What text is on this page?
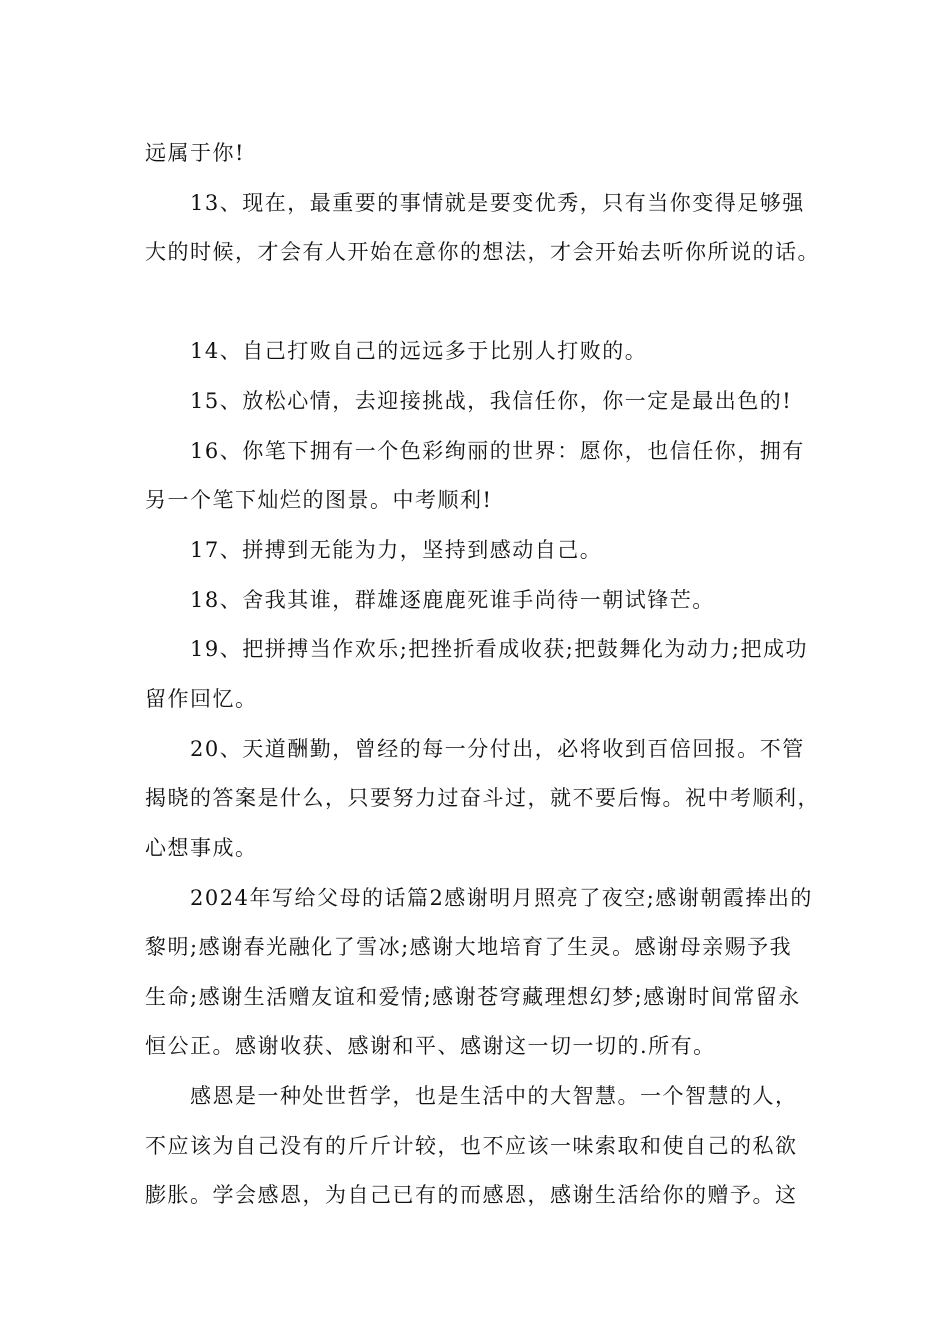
远属于你!
13、现在，最重要的事情就是要变优秀，只有当你变得足够强
大的时候，才会有人开始在意你的想法，才会开始去听你所说的话。
14、自己打败自己的远远多于比别人打败的。
15、放松心情，去迎接挑战，我信任你，你一定是最出色的!
16、你笔下拥有一个色彩绚丽的世界：愿你，也信任你，拥有
另一个笔下灿烂的图景。中考顺利!
17、拼搏到无能为力，坚持到感动自己。
18、舍我其谁，群雄逐鹿鹿死谁手尚待一朝试锋芒。
19、把拼搏当作欢乐;把挫折看成收获;把鼓舞化为动力;把成功
留作回忆。
20、天道酬勤，曾经的每一分付出，必将收到百倍回报。不管
揭晓的答案是什么，只要努力过奋斗过，就不要后悔。祝中考顺利，
心想事成。
2024年写给父母的话篇2感谢明月照亮了夜空;感谢朝霞捧出的
黎明;感谢春光融化了雪冰;感谢大地培育了生灵。感谢母亲赐予我
生命;感谢生活赠友谊和爱情;感谢苍穹藏理想幻梦;感谢时间常留永
恒公正。感谢收获、感谢和平、感谢这一切一切的.所有。
感恩是一种处世哲学，也是生活中的大智慧。一个智慧的人，
不应该为自己没有的斤斤计较，也不应该一味索取和使自己的私欲
膨胀。学会感恩，为自己已有的而感恩，感谢生活给你的赠予。这
